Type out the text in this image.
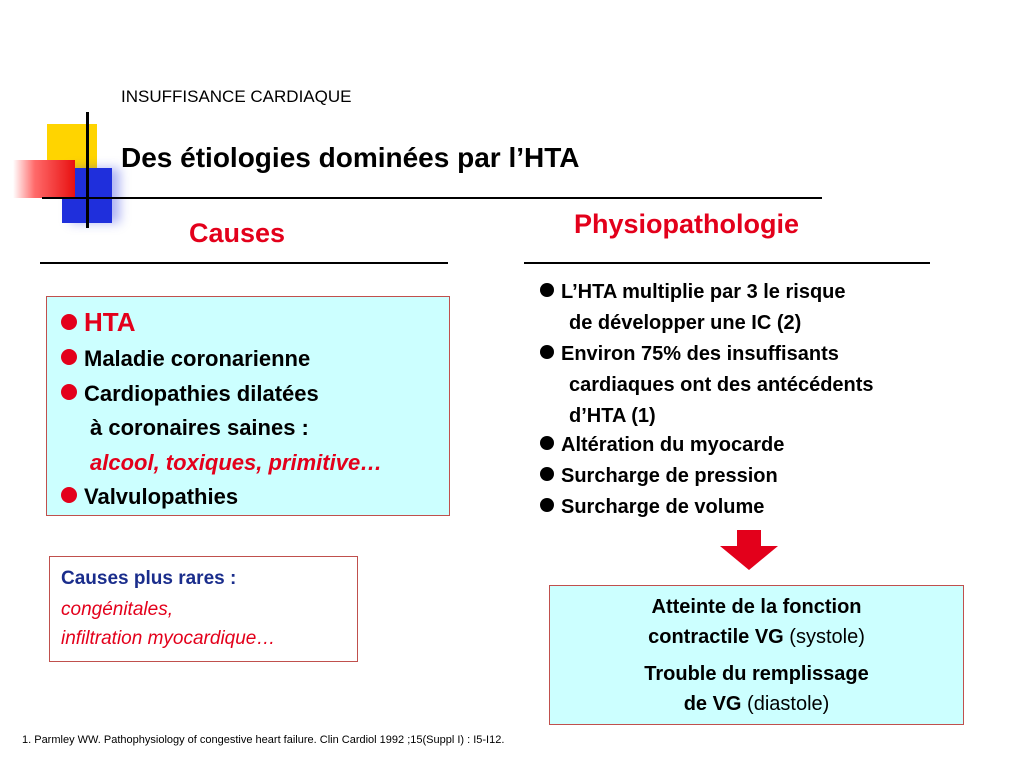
INSUFFISANCE CARDIAQUE
Des étiologies dominées par l’HTA
Causes
HTA
Maladie coronarienne
Cardiopathies dilatées
à coronaires saines :
alcool, toxiques, primitive…
Valvulopathies
Causes plus rares :
congénitales,
infiltration myocardique…
Physiopathologie
L’HTA multiplie par 3 le risque
de développer une IC (2)
Environ 75% des insuffisants
cardiaques ont des antécédents
d’HTA (1)
Altération du myocarde
Surcharge de pression
Surcharge de volume
Atteinte de la fonction
contractile VG (systole)
Trouble du remplissage
de VG (diastole)
1. Parmley WW. Pathophysiology of congestive heart failure. Clin Cardiol 1992 ;15(Suppl I) : I5-I12.
